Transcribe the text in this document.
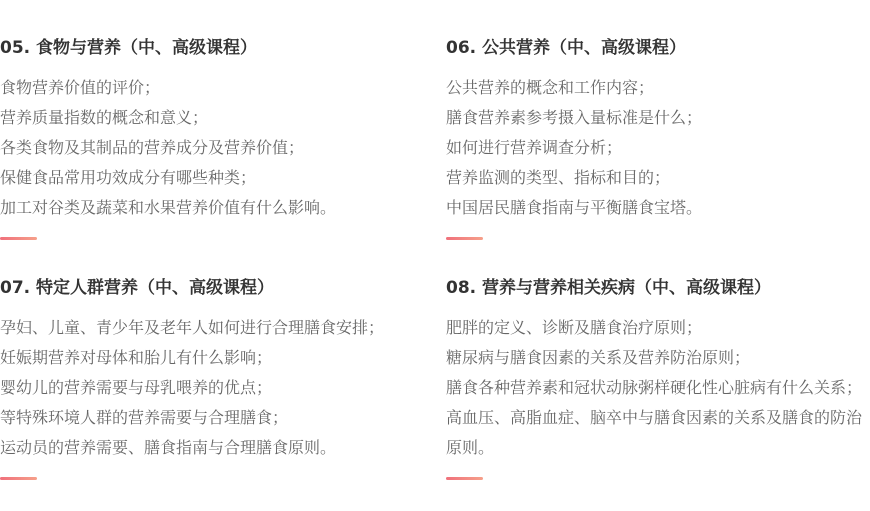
05. 食物与营养（中、高级课程）
食物营养价值的评价；
营养质量指数的概念和意义；
各类食物及其制品的营养成分及营养价值；
保健食品常用功效成分有哪些种类；
加工对谷类及蔬菜和水果营养价值有什么影响。
06. 公共营养（中、高级课程）
公共营养的概念和工作内容；
膳食营养素参考摄入量标准是什么；
如何进行营养调查分析；
营养监测的类型、指标和目的；
中国居民膳食指南与平衡膳食宝塔。
07. 特定人群营养（中、高级课程）
孕妇、儿童、青少年及老年人如何进行合理膳食安排；
妊娠期营养对母体和胎儿有什么影响；
婴幼儿的营养需要与母乳喂养的优点；
等特殊环境人群的营养需要与合理膳食；
运动员的营养需要、膳食指南与合理膳食原则。
08. 营养与营养相关疾病（中、高级课程）
肥胖的定义、诊断及膳食治疗原则；
糖尿病与膳食因素的关系及营养防治原则；
膳食各种营养素和冠状动脉粥样硬化性心脏病有什么关系；
高血压、高脂血症、脑卒中与膳食因素的关系及膳食的防治原则。
